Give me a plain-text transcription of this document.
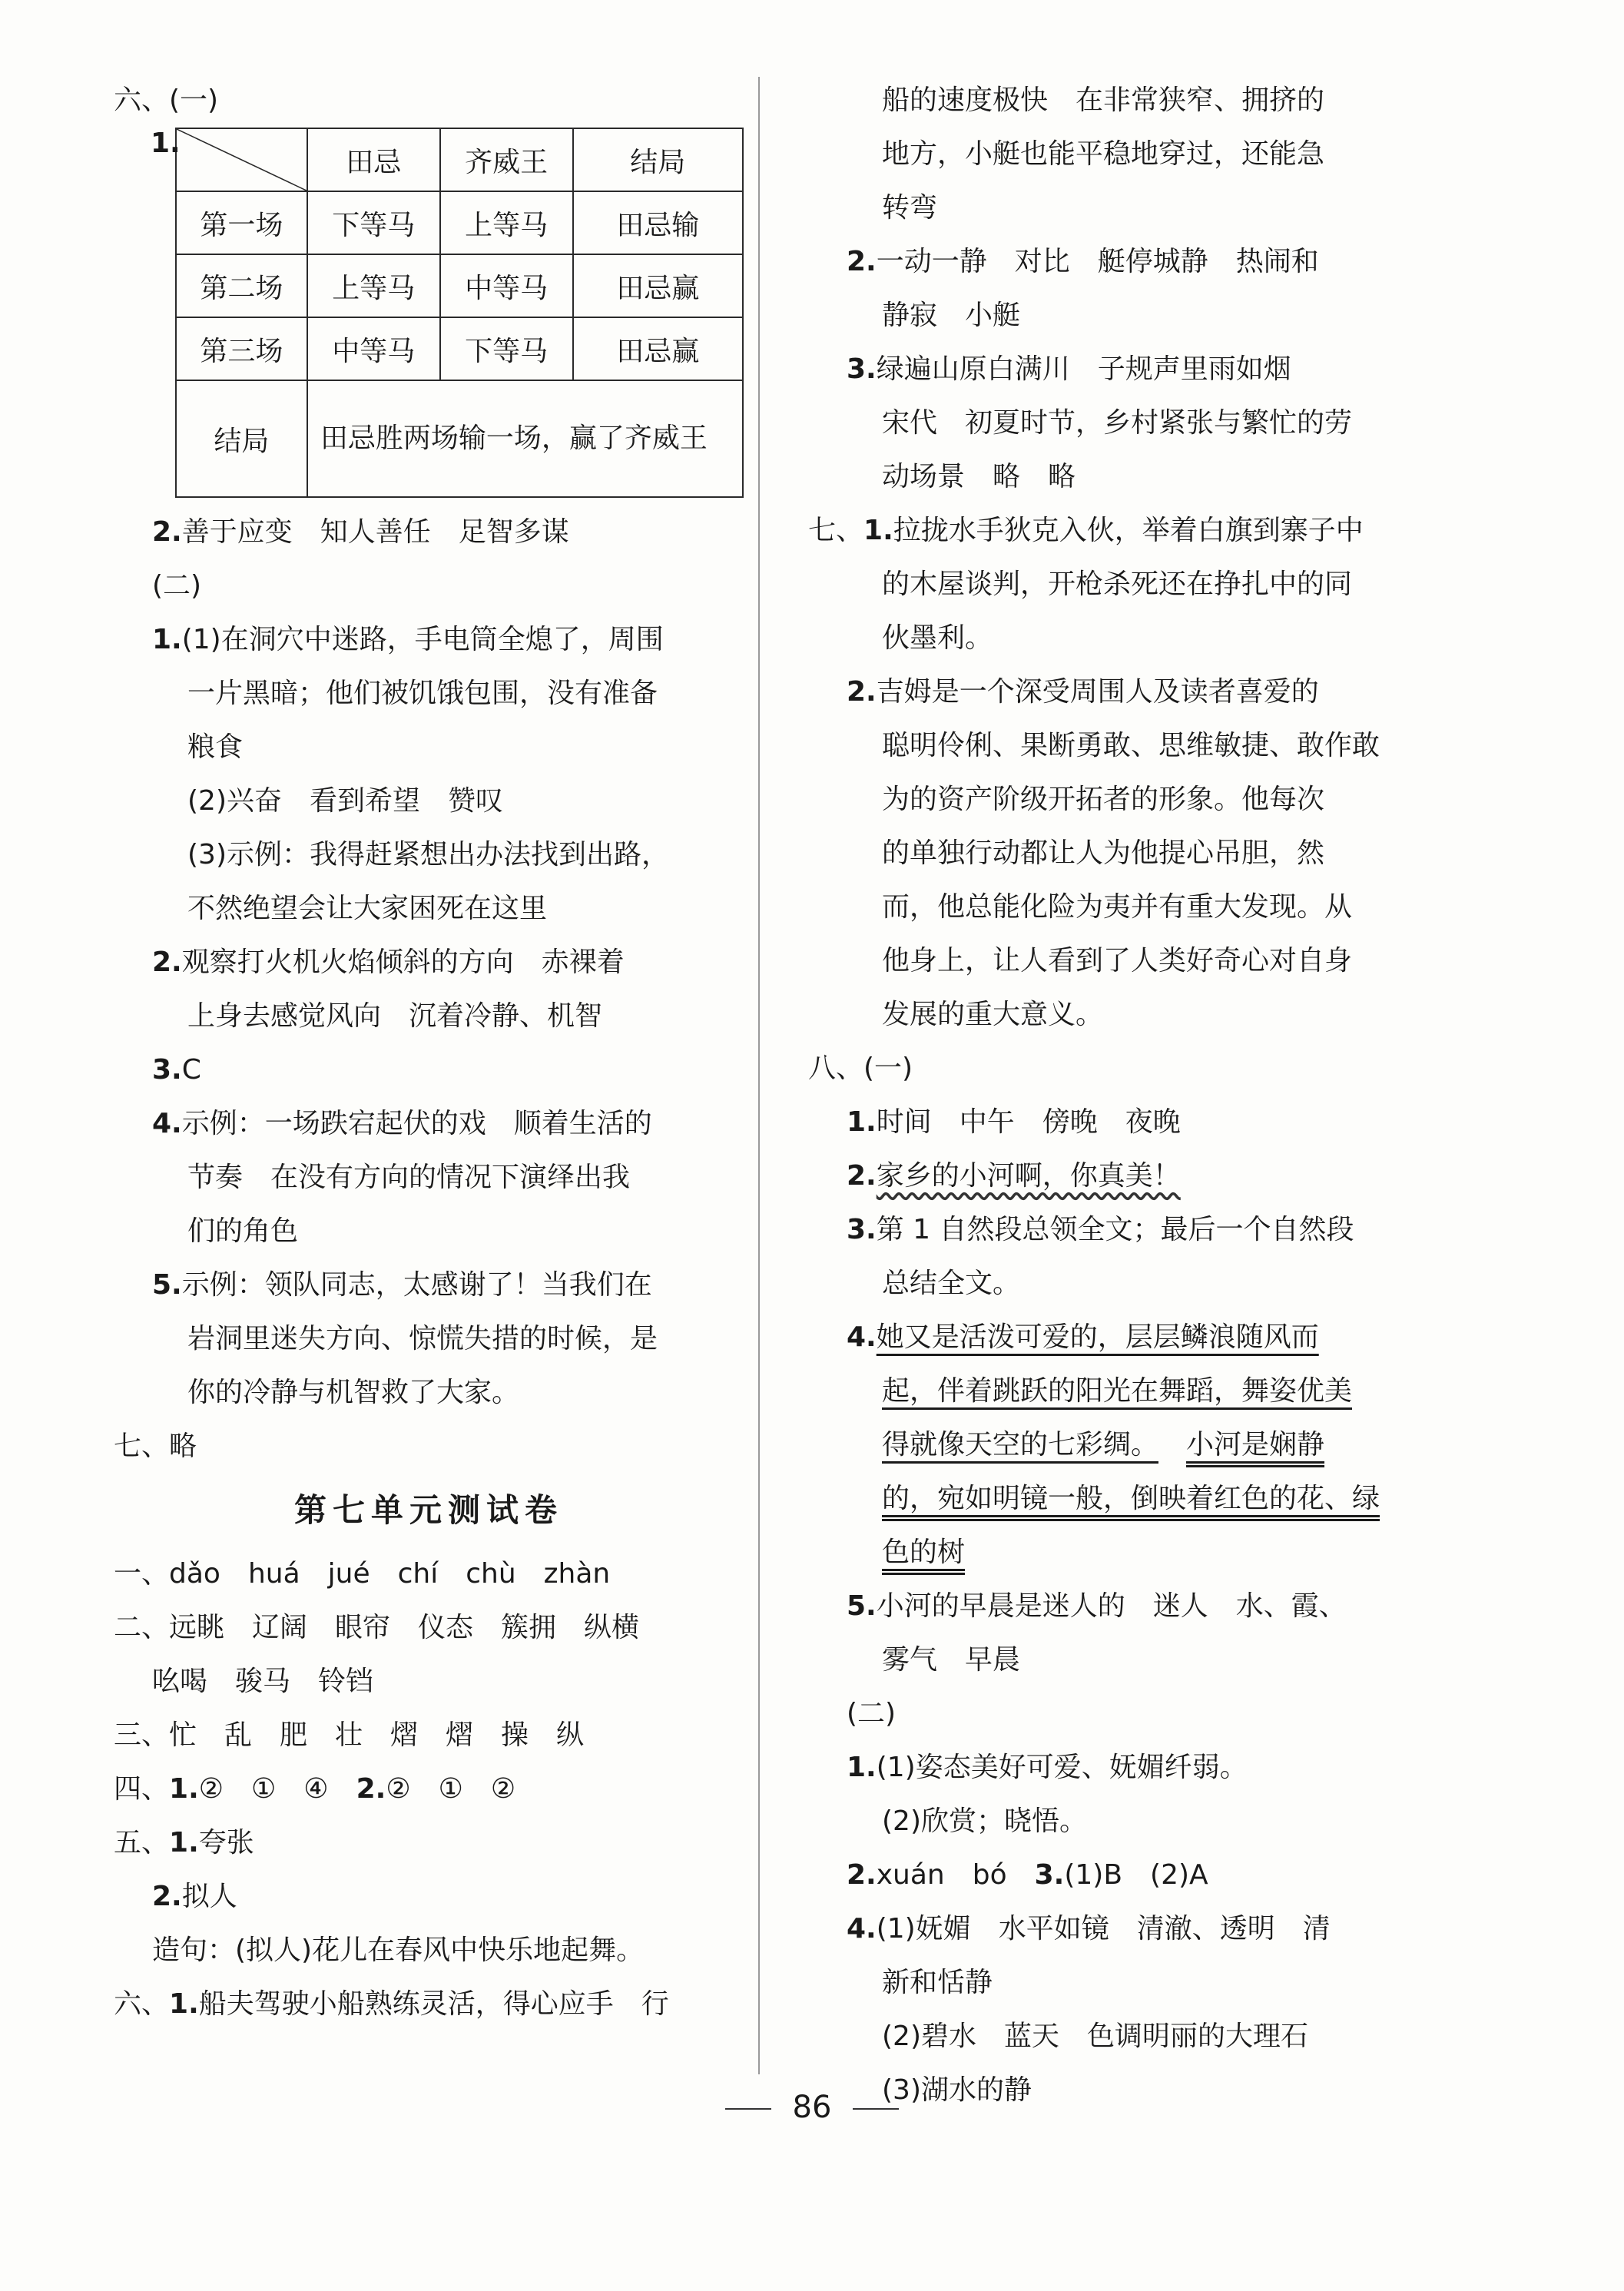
六、(一)
1.
	田忌	齐威王	结局
第一场	下等马	上等马	田忌输
第二场	上等马	中等马	田忌赢
第三场	中等马	下等马	田忌赢
结局	田忌胜两场输一场，赢了齐威王		
2.善于应变　知人善任　足智多谋
(二)
1.(1)在洞穴中迷路，手电筒全熄了，周围
一片黑暗；他们被饥饿包围，没有准备
粮食
(2)兴奋　看到希望　赞叹
(3)示例：我得赶紧想出办法找到出路，
不然绝望会让大家困死在这里
2.观察打火机火焰倾斜的方向　赤裸着
上身去感觉风向　沉着冷静、机智
3.C
4.示例：一场跌宕起伏的戏　顺着生活的
节奏　在没有方向的情况下演绎出我
们的角色
5.示例：领队同志，太感谢了！当我们在
岩洞里迷失方向、惊慌失措的时候，是
你的冷静与机智救了大家。
七、略
第七单元测试卷
一、dǎo　huá　jué　chí　chù　zhàn
二、远眺　辽阔　眼帘　仪态　簇拥　纵横
吆喝　骏马　铃铛
三、忙　乱　肥　壮　熠　熠　操　纵
四、1.②　①　④　2.②　①　②
五、1.夸张
2.拟人
造句：(拟人)花儿在春风中快乐地起舞。
六、1.船夫驾驶小船熟练灵活，得心应手　行
船的速度极快　在非常狭窄、拥挤的
地方，小艇也能平稳地穿过，还能急
转弯
2.一动一静　对比　艇停城静　热闹和
静寂　小艇
3.绿遍山原白满川　子规声里雨如烟
宋代　初夏时节，乡村紧张与繁忙的劳
动场景　略　略
七、1.拉拢水手狄克入伙，举着白旗到寨子中
的木屋谈判，开枪杀死还在挣扎中的同
伙墨利。
2.吉姆是一个深受周围人及读者喜爱的
聪明伶俐、果断勇敢、思维敏捷、敢作敢
为的资产阶级开拓者的形象。他每次
的单独行动都让人为他提心吊胆，然
而，他总能化险为夷并有重大发现。从
他身上，让人看到了人类好奇心对自身
发展的重大意义。
八、(一)
1.时间　中午　傍晚　夜晚
2.家乡的小河啊，你真美！
3.第 1 自然段总领全文；最后一个自然段
总结全文。
4.她又是活泼可爱的，层层鳞浪随风而
起，伴着跳跃的阳光在舞蹈，舞姿优美
得就像天空的七彩绸。 小河是娴静
的，宛如明镜一般，倒映着红色的花、绿
色的树
5.小河的早晨是迷人的　迷人　水、霞、
雾气　早晨
(二)
1.(1)姿态美好可爱、妩媚纤弱。
(2)欣赏；晓悟。
2.xuán　bó　3.(1)B　(2)A
4.(1)妩媚　水平如镜　清澈、透明　清
新和恬静
(2)碧水　蓝天　色调明丽的大理石
(3)湖水的静
86
